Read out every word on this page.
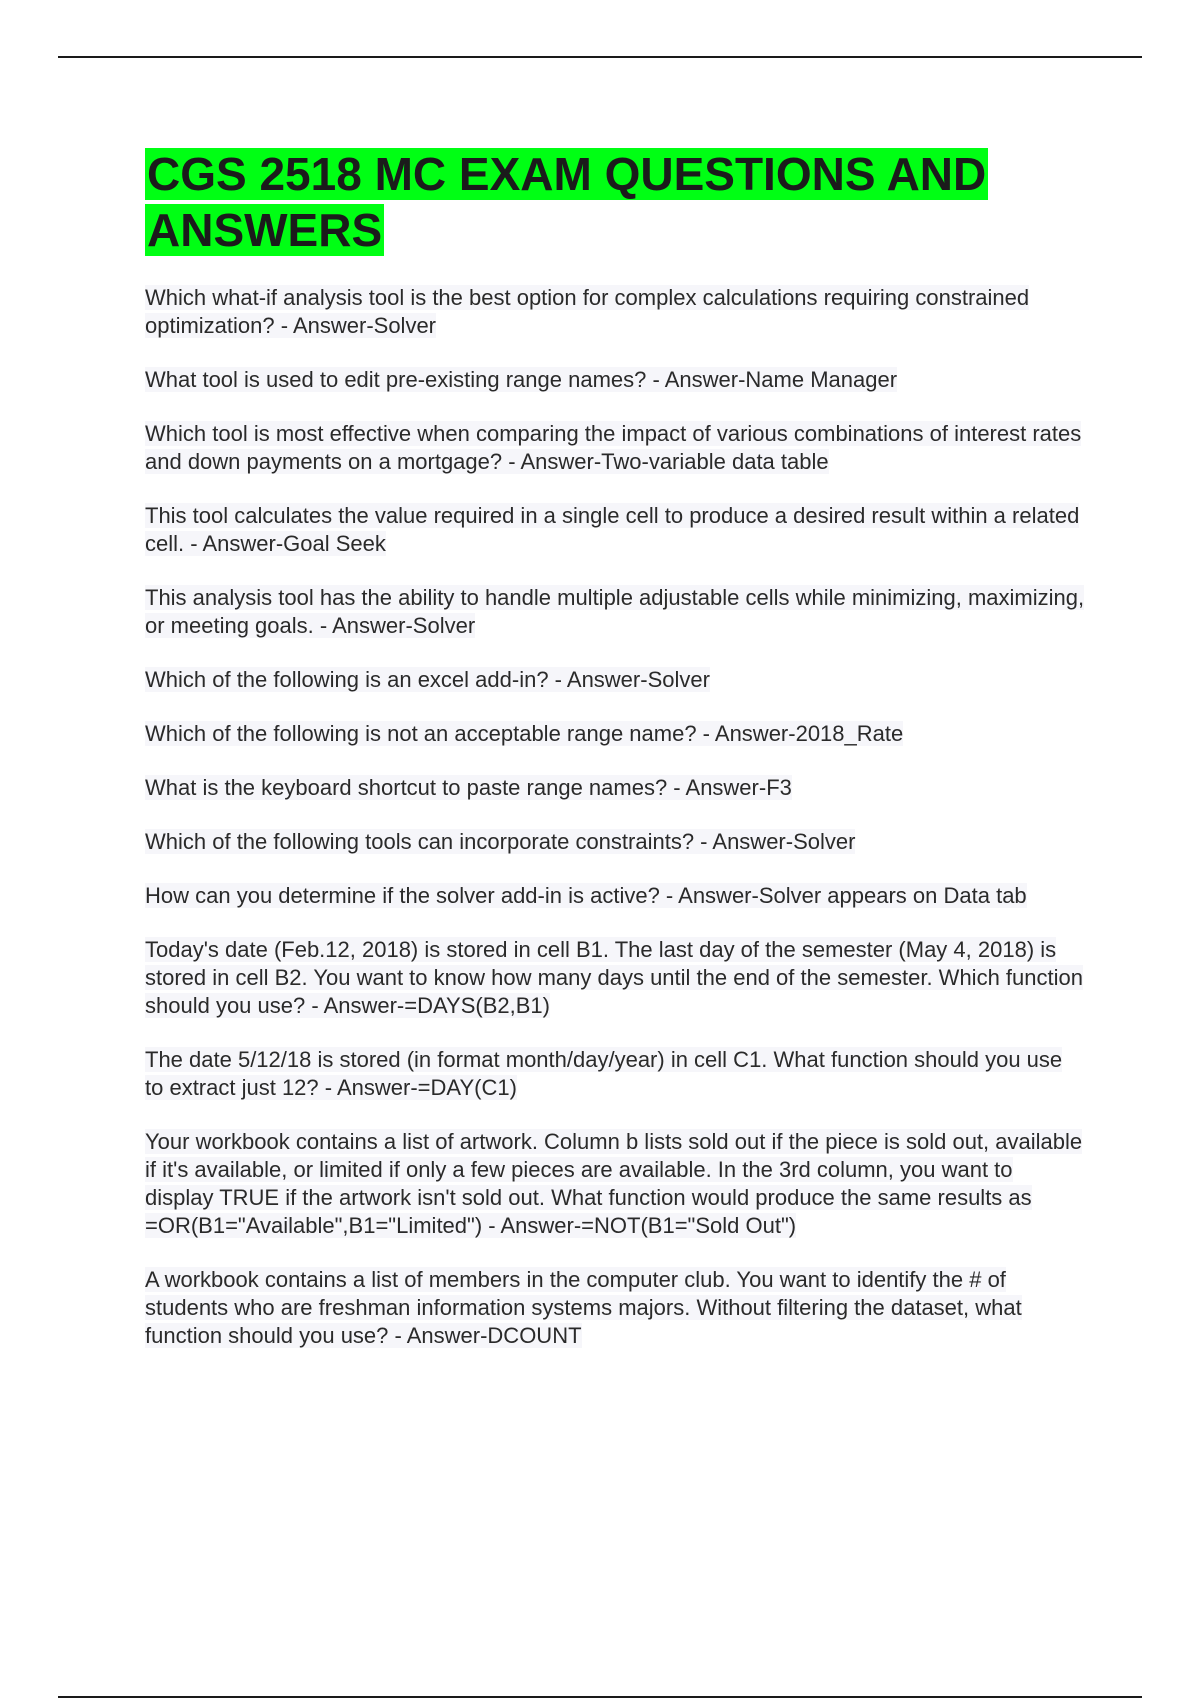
CGS 2518 MC EXAM QUESTIONS AND ANSWERS

Which what-if analysis tool is the best option for complex calculations requiring constrained optimization? - Answer-Solver

What tool is used to edit pre-existing range names? - Answer-Name Manager

Which tool is most effective when comparing the impact of various combinations of interest rates and down payments on a mortgage? - Answer-Two-variable data table

This tool calculates the value required in a single cell to produce a desired result within a related cell. - Answer-Goal Seek

This analysis tool has the ability to handle multiple adjustable cells while minimizing, maximizing, or meeting goals. - Answer-Solver

Which of the following is an excel add-in? - Answer-Solver

Which of the following is not an acceptable range name? - Answer-2018_Rate

What is the keyboard shortcut to paste range names? - Answer-F3

Which of the following tools can incorporate constraints? - Answer-Solver

How can you determine if the solver add-in is active? - Answer-Solver appears on Data tab

Today's date (Feb.12, 2018) is stored in cell B1. The last day of the semester (May 4, 2018) is stored in cell B2. You want to know how many days until the end of the semester. Which function should you use? - Answer-=DAYS(B2,B1)

The date 5/12/18 is stored (in format month/day/year) in cell C1. What function should you use to extract just 12? - Answer-=DAY(C1)

Your workbook contains a list of artwork. Column b lists sold out if the piece is sold out, available if it's available, or limited if only a few pieces are available. In the 3rd column, you want to display TRUE if the artwork isn't sold out. What function would produce the same results as =OR(B1="Available",B1="Limited") - Answer-=NOT(B1="Sold Out")

A workbook contains a list of members in the computer club. You want to identify the # of students who are freshman information systems majors. Without filtering the dataset, what function should you use? - Answer-DCOUNT
